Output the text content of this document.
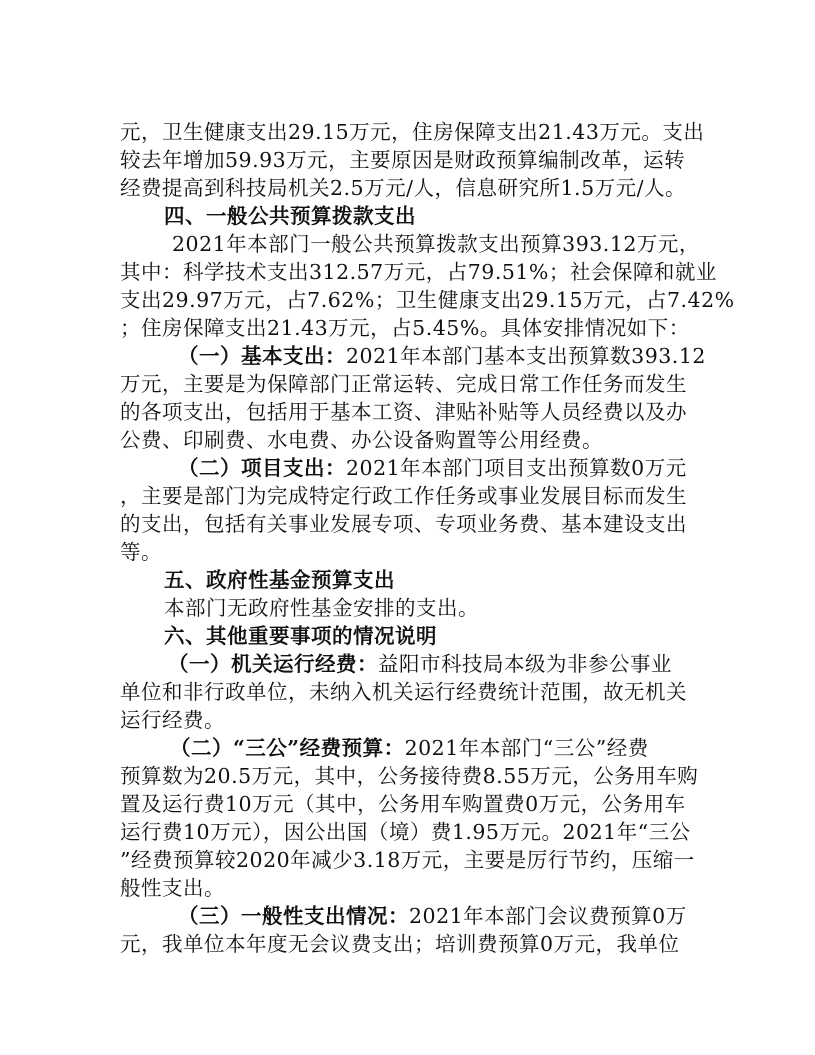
元，卫生健康支出29.15万元，住房保障支出21.43万元。支出
较去年增加59.93万元，主要原因是财政预算编制改革，运转
经费提高到科技局机关2.5万元/人，信息研究所1.5万元/人。
四、一般公共预算拨款支出
2021年本部门一般公共预算拨款支出预算393.12万元，
其中：科学技术支出312.57万元，占79.51%；社会保障和就业
支出29.97万元，占7.62%；卫生健康支出29.15万元，占7.42%
；住房保障支出21.43万元，占5.45%。具体安排情况如下：
（一）基本支出：2021年本部门基本支出预算数393.12
万元，主要是为保障部门正常运转、完成日常工作任务而发生
的各项支出，包括用于基本工资、津贴补贴等人员经费以及办
公费、印刷费、水电费、办公设备购置等公用经费。
（二）项目支出：2021年本部门项目支出预算数0万元
，主要是部门为完成特定行政工作任务或事业发展目标而发生
的支出，包括有关事业发展专项、专项业务费、基本建设支出
等。
五、政府性基金预算支出
本部门无政府性基金安排的支出。
六、其他重要事项的情况说明
（一）机关运行经费：益阳市科技局本级为非参公事业
单位和非行政单位，未纳入机关运行经费统计范围，故无机关
运行经费。
（二）“三公”经费预算：2021年本部门“三公”经费
预算数为20.5万元，其中，公务接待费8.55万元，公务用车购
置及运行费10万元（其中，公务用车购置费0万元，公务用车
运行费10万元），因公出国（境）费1.95万元。2021年“三公
”经费预算较2020年减少3.18万元，主要是厉行节约，压缩一
般性支出。
（三）一般性支出情况：2021年本部门会议费预算0万
元，我单位本年度无会议费支出；培训费预算0万元，我单位
